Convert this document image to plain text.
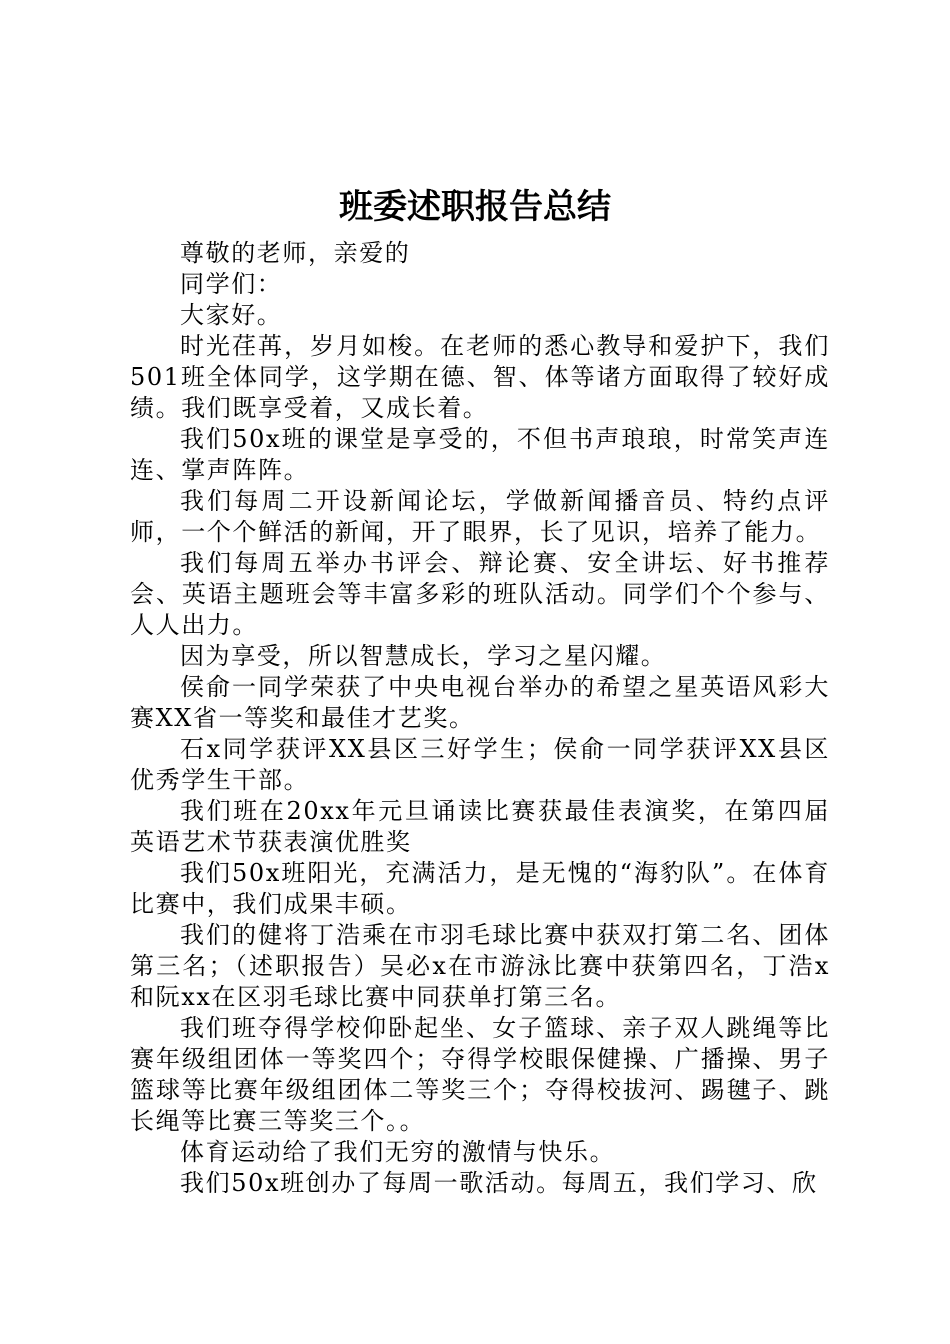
班委述职报告总结

尊敬的老师，亲爱的

同学们：

大家好。

时光荏苒，岁月如梭。在老师的悉心教导和爱护下，我们501班全体同学，这学期在德、智、体等诸方面取得了较好成绩。我们既享受着，又成长着。

我们50x班的课堂是享受的，不但书声琅琅，时常笑声连连、掌声阵阵。

我们每周二开设新闻论坛，学做新闻播音员、特约点评师，一个个鲜活的新闻，开了眼界，长了见识，培养了能力。

我们每周五举办书评会、辩论赛、安全讲坛、好书推荐会、英语主题班会等丰富多彩的班队活动。同学们个个参与、人人出力。

因为享受，所以智慧成长，学习之星闪耀。

侯俞一同学荣获了中央电视台举办的希望之星英语风彩大赛XX省一等奖和最佳才艺奖。

石x同学获评XX县区三好学生；侯俞一同学获评XX县区优秀学生干部。

我们班在20xx年元旦诵读比赛获最佳表演奖，在第四届英语艺术节获表演优胜奖

我们50x班阳光，充满活力，是无愧的“海豹队”。在体育比赛中，我们成果丰硕。

我们的健将丁浩乘在市羽毛球比赛中获双打第二名、团体第三名；（述职报告）吴必x在市游泳比赛中获第四名，丁浩x和阮xx在区羽毛球比赛中同获单打第三名。

我们班夺得学校仰卧起坐、女子篮球、亲子双人跳绳等比赛年级组团体一等奖四个；夺得学校眼保健操、广播操、男子篮球等比赛年级组团体二等奖三个；夺得校拔河、踢毽子、跳长绳等比赛三等奖三个。。

体育运动给了我们无穷的激情与快乐。

我们50x班创办了每周一歌活动。每周五，我们学习、欣
